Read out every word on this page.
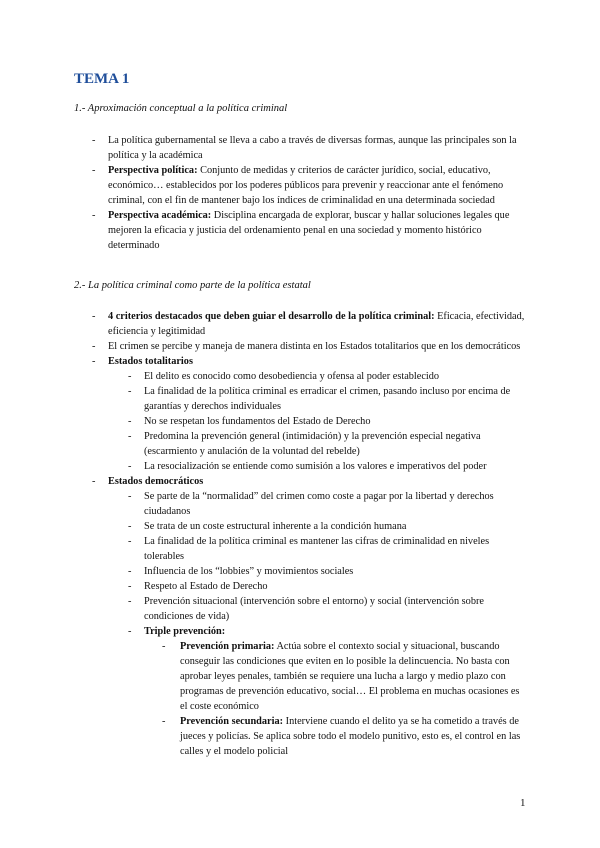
TEMA 1

1.- Aproximación conceptual a la política criminal

- La política gubernamental se lleva a cabo a través de diversas formas, aunque las principales son la política y la académica
- Perspectiva política: Conjunto de medidas y criterios de carácter jurídico, social, educativo, económico… establecidos por los poderes públicos para prevenir y reaccionar ante el fenómeno criminal, con el fin de mantener bajo los índices de criminalidad en una determinada sociedad
- Perspectiva académica: Disciplina encargada de explorar, buscar y hallar soluciones legales que mejoren la eficacia y justicia del ordenamiento penal en una sociedad y momento histórico determinado

2.- La política criminal como parte de la política estatal

- 4 criterios destacados que deben guiar el desarrollo de la política criminal: Eficacia, efectividad, eficiencia y legitimidad
- El crimen se percibe y maneja de manera distinta en los Estados totalitarios que en los democráticos
- Estados totalitarios
- El delito es conocido como desobediencia y ofensa al poder establecido
- La finalidad de la política criminal es erradicar el crimen, pasando incluso por encima de garantías y derechos individuales
- No se respetan los fundamentos del Estado de Derecho
- Predomina la prevención general (intimidación) y la prevención especial negativa (escarmiento y anulación de la voluntad del rebelde)
- La resocialización se entiende como sumisión a los valores e imperativos del poder
- Estados democráticos
- Se parte de la “normalidad” del crimen como coste a pagar por la libertad y derechos ciudadanos
- Se trata de un coste estructural inherente a la condición humana
- La finalidad de la política criminal es mantener las cifras de criminalidad en niveles tolerables
- Influencia de los “lobbies” y movimientos sociales
- Respeto al Estado de Derecho
- Prevención situacional (intervención sobre el entorno) y social (intervención sobre condiciones de vida)
- Triple prevención:
- Prevención primaria: Actúa sobre el contexto social y situacional, buscando conseguir las condiciones que eviten en lo posible la delincuencia. No basta con aprobar leyes penales, también se requiere una lucha a largo y medio plazo con programas de prevención educativo, social… El problema en muchas ocasiones es el coste económico
- Prevención secundaria: Interviene cuando el delito ya se ha cometido a través de jueces y policías. Se aplica sobre todo el modelo punitivo, esto es, el control en las calles y el modelo policial
1
